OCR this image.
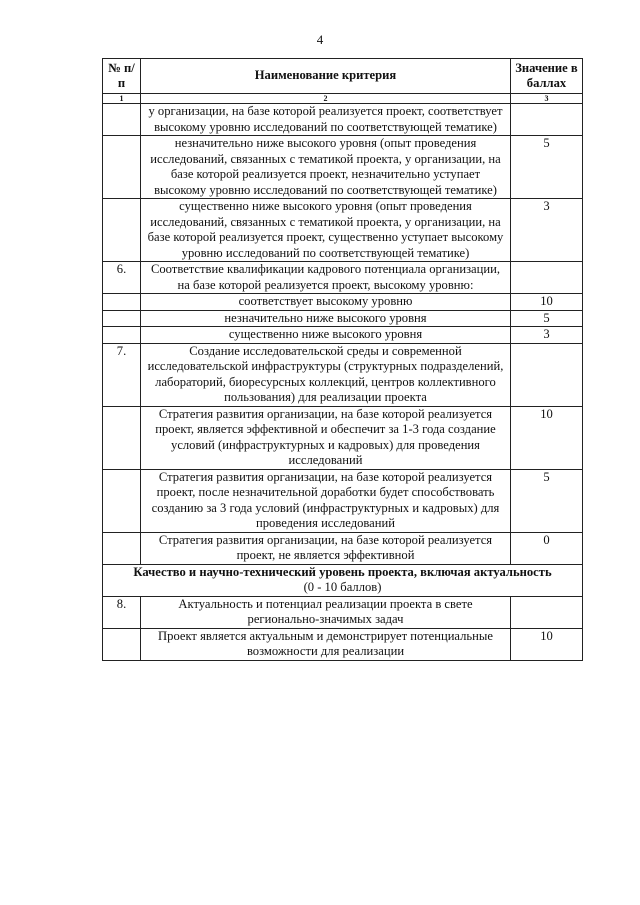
4
№ п/п	Наименование критерия	Значение в баллах
1	2	3
	у организации, на базе которой реализуется проект, соответствует высокому уровню исследований по соответствующей тематике)	
	незначительно ниже высокого уровня (опыт проведения исследований, связанных с тематикой проекта, у организации, на базе которой реализуется проект, незначительно уступает высокому уровню исследований по соответствующей тематике)	5
	существенно ниже высокого уровня (опыт проведения исследований, связанных с тематикой проекта, у организации, на базе которой реализуется проект, существенно уступает высокому уровню исследований по соответствующей тематике)	3
6.	Соответствие квалификации кадрового потенциала организации, на базе которой реализуется проект, высокому уровню:	
	соответствует высокому уровню	10
	незначительно ниже высокого уровня	5
	существенно ниже высокого уровня	3
7.	Создание исследовательской среды и современной исследовательской инфраструктуры (структурных подразделений, лабораторий, биоресурсных коллекций, центров коллективного пользования) для реализации проекта	
	Стратегия развития организации, на базе которой реализуется проект, является эффективной и обеспечит за 1-3 года создание условий (инфраструктурных и кадровых) для проведения исследований	10
	Стратегия развития организации, на базе которой реализуется проект, после незначительной доработки будет способствовать созданию за 3 года условий (инфраструктурных и кадровых) для проведения исследований	5
	Стратегия развития организации, на базе которой реализуется проект, не является эффективной	0

Качество и научно-технический уровень проекта, включая актуальность
(0 - 10 баллов)		

8.	Актуальность и потенциал реализации проекта в свете регионально-значимых задач	
	Проект является актуальным и демонстрирует потенциальные возможности для реализации	10
